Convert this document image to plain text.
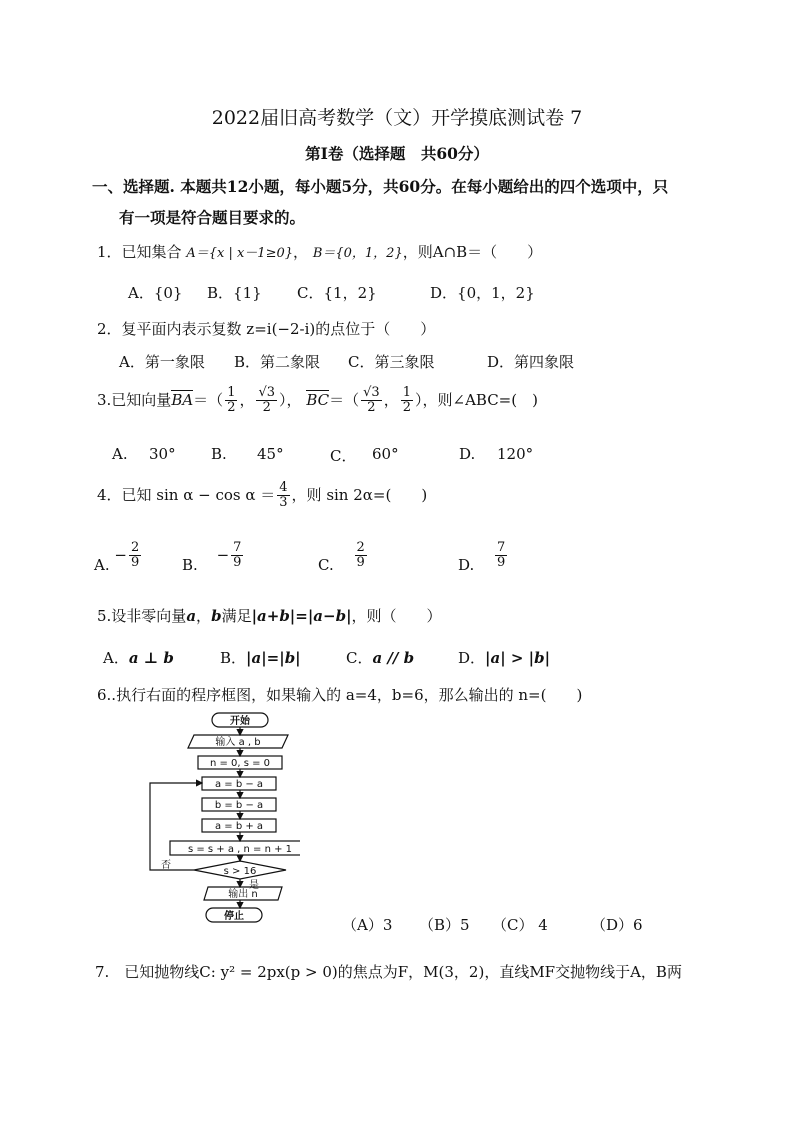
2022届旧高考数学（文）开学摸底测试卷 7
第Ⅰ卷（选择题　共60分）
一、选择题. 本题共12小题，每小题5分，共60分。在每小题给出的四个选项中，只
有一项是符合题目要求的。
1．已知集合 A＝{x | x－1≥0}， B＝{0，1，2}，则A∩B＝（　　）
A．{0} B．{1} C．{1，2}	D．{0，1，2}
2．复平面内表示复数 z=i(−2-i)的点位于（　　）
A．第一象限 B．第二象限 C．第三象限	D．第四象限
3.已知向量$BA=( \frac{1}{2}$ ， $\frac{√3}{2}$ ）， $BC=( \frac{√3}{2}$ ， $\frac{1}{2}$ ），则∠ABC=(　)
A. 30° B. 45°	C． 60°	D. 120°
4．已知 $\sin \alpha - \cos \alpha = \frac{4}{3}$ ，则 sin 2α=(　　)
A. − $\frac{2}{9}$	B. − $\frac{7}{9}$	C. $\frac{2}{9}$	D. $\frac{7}{9}$
5.设非零向量a，b满足|a+b|=|a−b|，则（　　）
A．a ⊥ b	B．|a|=|b|	C．a // b	D．|a| > |b|
6..执行右面的程序框图，如果输入的 a=4，b=6，那么输出的 n=(　　)
开始
输入 a , b
n = 0, s = 0
a = b − a
b = b − a
a = b + a
s = s + a , n = n + 1
s > 16
否
是
输出 n
停止	（A）3 （B）5 （C） 4	（D）6
7.　已知抛物线C: y² = 2px(p > 0)的焦点为F，M(3，2)，直线MF交抛物线于A，B两
